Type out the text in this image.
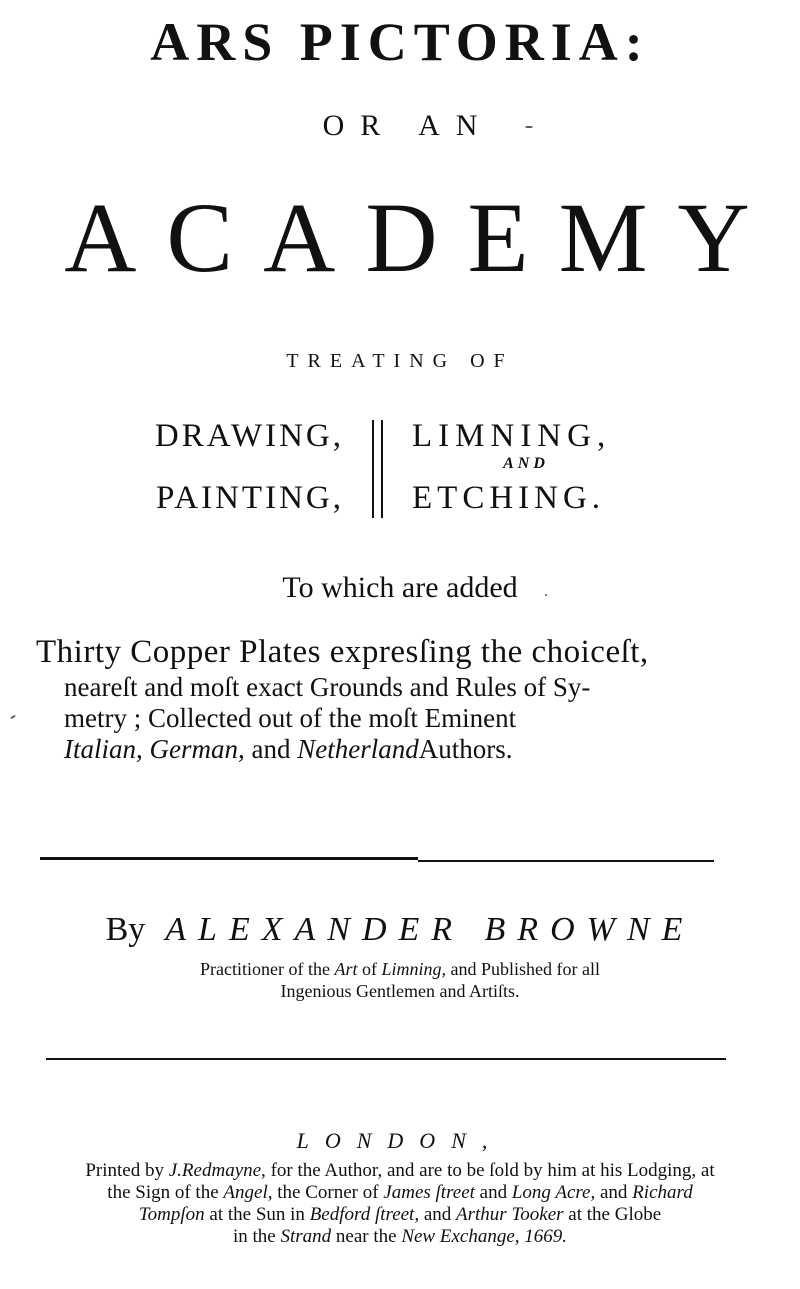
ARS PICTORIA:
OR AN
ACADEMY
TREATING OF
DRAWING,
PAINTING,
LIMNING,
AND
ETCHING.
To which are added
Thirty Copper Plates expresſing the choiceſt,
neareſt and moſt exact Grounds and Rules of Sy-
metry ; Collected out of the moſt Eminent
Italian, German, and NetherlandAuthors.
By ALEXANDER BROWNE
Practitioner of the Art of Limning, and Published for all
Ingenious Gentlemen and Artiſts.
LONDON,
Printed by J.Redmayne, for the Author, and are to be ſold by him at his Lodging, at
the Sign of the Angel, the Corner of James ſtreet and Long Acre, and Richard
Tompſon at the Sun in Bedford ſtreet, and Arthur Tooker at the Globe
in the Strand near the New Exchange, 1669.
